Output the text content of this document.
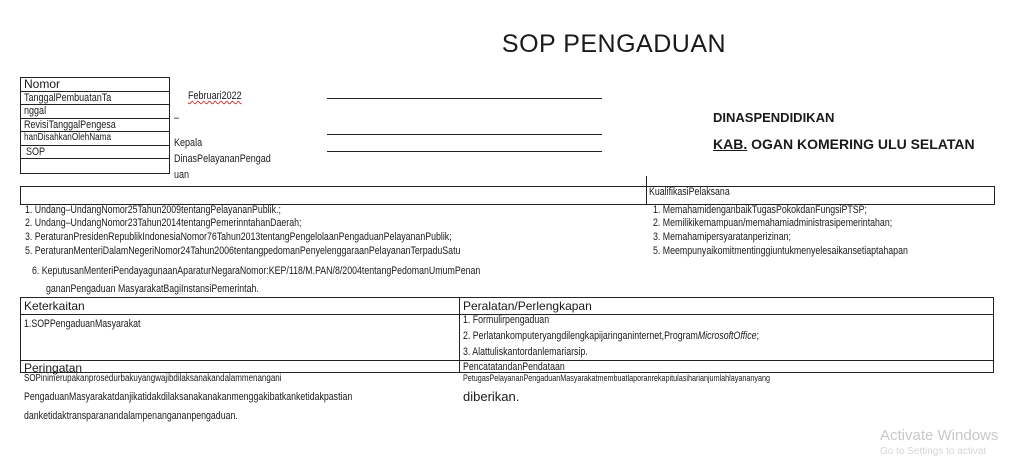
SOP PENGADUAN
Nomor
TanggalPembuatanTa
nggal
RevisiTanggalPengesa
hanDisahkanOlehNama
SOP
Februari2022
–
Kepala
DinasPelayananPengad
uan
DINASPENDIDIKAN
KAB. OGAN KOMERING ULU SELATAN
KualifikasiPelaksana
1. Undang–UndangNomor25Tahun2009tentangPelayananPublik.;
2. Undang–UndangNomor23Tahun2014tentangPemerinntahanDaerah;
3. PeraturanPresidenRepublikIndonesiaNomor76Tahun2013tentangPengelolaanPengaduanPelayananPublik;
5. PeraturanMenteriDalamNegeriNomor24Tahun2006tentangpedomanPenyelenggaraanPelayananTerpaduSatu
6. KeputusanMenteriPendayagunaanAparaturNegaraNomor:KEP/118/M.PAN/8/2004tentangPedomanUmumPenan
gananPengaduan MasyarakatBagiInstansiPemerintah.
1. MemahamidenganbaikTugasPokokdanFungsiPTSP;
2. Memilikikemampuan/memahamiadministrasipemerintahan;
3. Memahamipersyaratanperizinan;
5. Meempunyaikomitmentinggiuntukmenyelesaikansetiaptahapan
Keterkaitan
1.SOPPengaduanMasyarakat
Peralatan/Perlengkapan
1. Formulirpengaduan
2. Perlatankomputeryangdilengkapijaringaninternet,ProgramMicrosoftOffice;
3. Alattuliskantordanlemariarsip.
Peringatan	PencatatandanPendataan
SOPinimerupakanprosedurbakuyangwajibdilaksanakandalammenangani
PengaduanMasyarakatdanjikatidakdilaksanakanakanmenggakibatkanketidakpastian
danketidaktransparanandalampenangananpengaduan.
PetugasPelayananPengaduanMasyarakatmembuatlaporanrekapitulasiharianjumlahlayananyang
diberikan.
Activate Windows
Go to Settings to activat
